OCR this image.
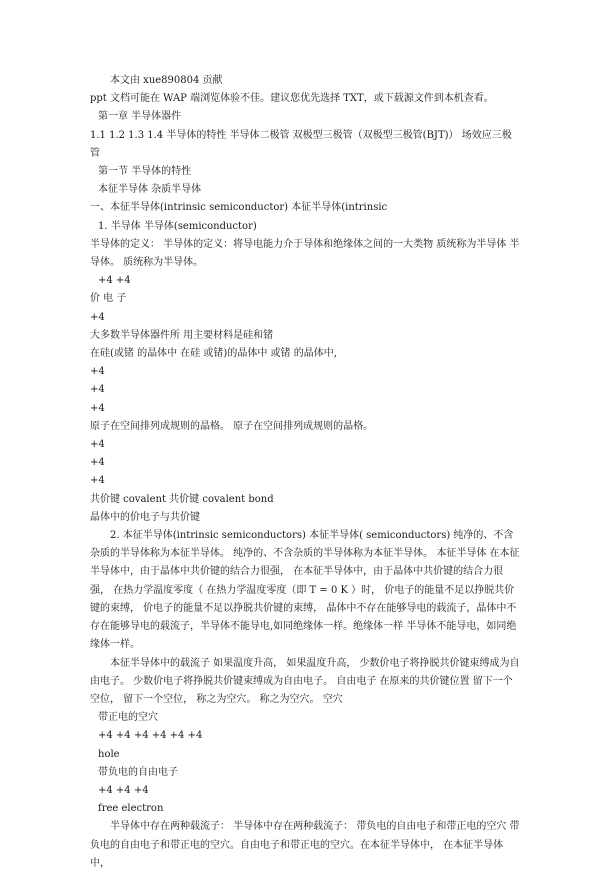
本文由 xue890804 贡献

ppt 文档可能在 WAP 端浏览体验不佳。建议您优先选择 TXT，或下载源文件到本机查看。

第一章 半导体器件

1.1 1.2 1.3 1.4 半导体的特性 半导体二极管 双极型三极管（双极型三极管(BJT)） 场效应三极管

第一节 半导体的特性

本征半导体 杂质半导体

一、本征半导体(intrinsic semiconductor) 本征半导体(intrinsic

1. 半导体 半导体(semiconductor)

半导体的定义： 半导体的定义：将导电能力介于导体和绝缘体之间的一大类物 质统称为半导体 半导体。 质统称为半导体。

+4 +4

价 电 子

+4

大多数半导体器件所 用主要材料是硅和锗

在硅(或锗 的晶体中 在硅 或锗)的晶体中 或锗 的晶体中,

+4

+4

+4

原子在空间排列成规则的晶格。 原子在空间排列成规则的晶格。

+4

+4

+4

共价键 covalent 共价键 covalent bond

晶体中的价电子与共价键

2. 本征半导体(intrinsic semiconductors) 本征半导体( semiconductors) 纯净的、不含杂质的半导体称为本征半导体。 纯净的、不含杂质的半导体称为本征半导体。 本征半导体 在本征半导体中，由于晶体中共价键的结合力很强， 在本征半导体中，由于晶体中共价键的结合力很强， 在热力学温度零度（ 在热力学温度零度（即 T = 0 K ）时， 价电子的能量不足以挣脱共价键的束缚， 价电子的能量不足以挣脱共价键的束缚， 晶体中不存在能够导电的载流子，晶体中不存在能够导电的载流子，半导体不能导电,如同绝缘体一样。绝缘体一样 半导体不能导电，如同绝缘体一样。

本征半导体中的载流子 如果温度升高， 如果温度升高， 少数价电子将挣脱共价键束缚成为自由电子。 少数价电子将挣脱共价键束缚成为自由电子。 自由电子 在原来的共价键位置 留下一个空位， 留下一个空位， 称之为空穴。 称之为空穴。 空穴

带正电的空穴

+4 +4 +4 +4 +4 +4

hole

带负电的自由电子

+4 +4 +4

free electron

半导体中存在两种载流子： 半导体中存在两种载流子： 带负电的自由电子和带正电的空穴 带负电的自由电子和带正电的空穴。自由电子和带正电的空穴。在本征半导体中， 在本征半导体中，
